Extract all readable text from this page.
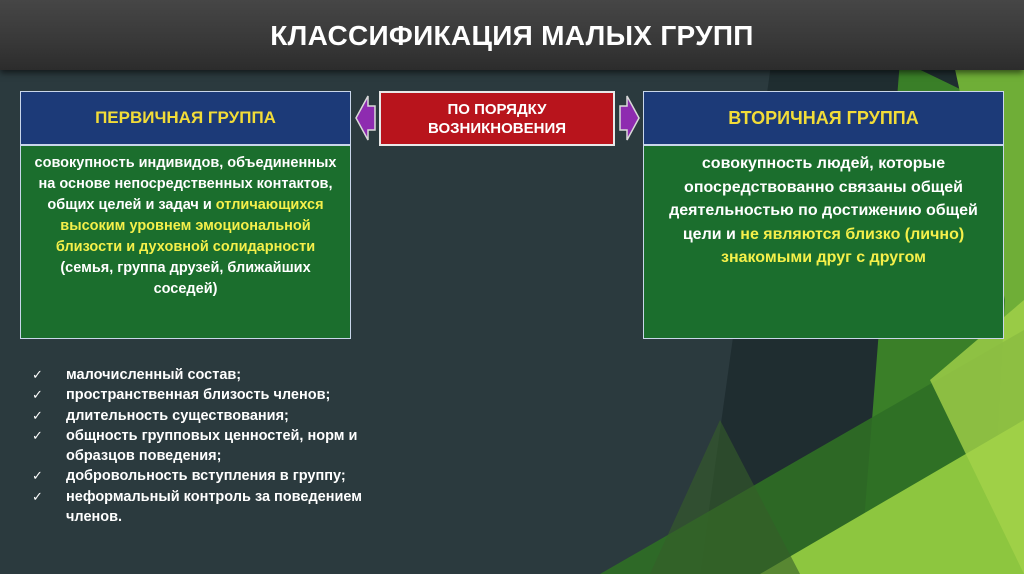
КЛАССИФИКАЦИЯ МАЛЫХ ГРУПП
ПЕРВИЧНАЯ ГРУППА
совокупность индивидов, объединенных на основе непосредственных контактов, общих целей и задач и отличающихся высоким уровнем эмоциональной близости и духовной солидарности (семья, группа друзей, ближайших соседей)
ПО ПОРЯДКУ ВОЗНИКНОВЕНИЯ
ВТОРИЧНАЯ ГРУППА
совокупность людей, которые опосредствованно связаны общей деятельностью по достижению общей цели и не являются близко (лично) знакомыми друг с другом
✓ малочисленный состав;
✓ пространственная близость членов;
✓ длительность существования;
✓ общность групповых ценностей, норм и образцов поведения;
✓ добровольность вступления в группу;
✓ неформальный контроль за поведением членов.
